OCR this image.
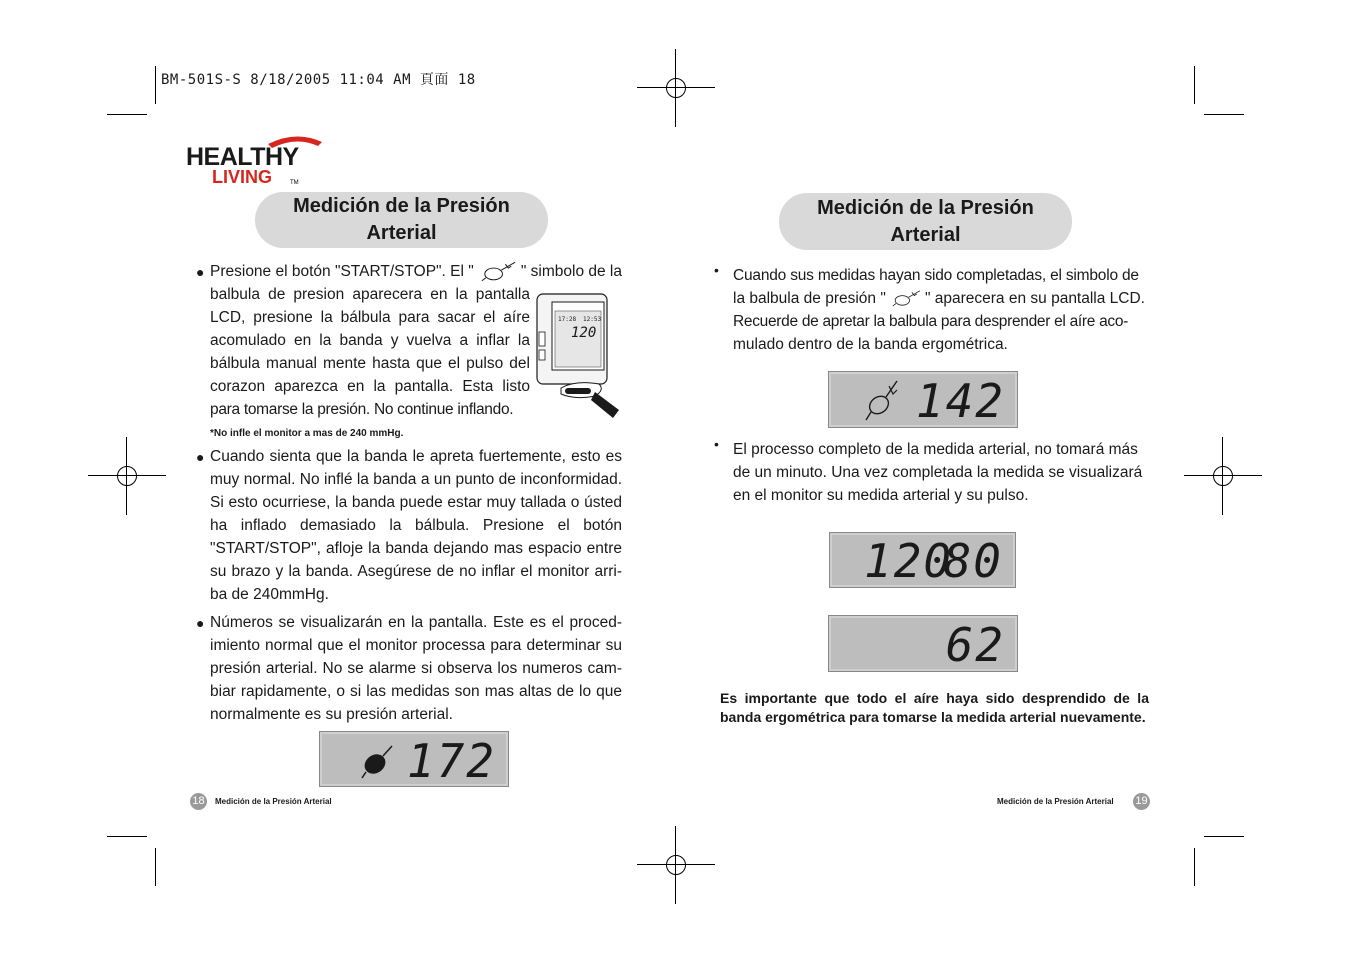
BM-501S-S 8/18/2005 11:04 AM 頁面 18
HEALTHY
LIVING	TM
Medición de la Presión
Arterial
● Presione el botón "START/STOP". El "	" simbolo de la
balbula de presion aparecera en la pantalla
LCD, presione la bálbula para sacar el aíre
acomulado en la banda y vuelva a inflar la
bálbula manual mente hasta que el pulso del
corazon aparezca en la pantalla. Esta listo
para tomarse la presión. No continue inflando.
17:28 12:53
120
*No infle el monitor a mas de 240 mmHg.
● Cuando sienta que la banda le apreta fuertemente, esto es muy normal. No inflé la banda a un punto de inconformidad. Si esto ocurriese, la banda puede estar muy tallada o ústed ha inflado demasiado la bálbula. Presione el botón "START/STOP", afloje la banda dejando mas espacio entre su brazo y la banda. Asegúrese de no inflar el monitor arri-ba de 240mmHg.
● Números se visualizarán en la pantalla. Este es el proced-imiento normal que el monitor processa para determinar su presión arterial. No se alarme si observa los numeros cam-biar rapidamente, o si las medidas son mas altas de lo que normalmente es su presión arterial.
172
18 Medición de la Presión Arterial
Medición de la Presión
Arterial
• Cuando sus medidas hayan sido completadas, el simbolo de
la balbula de presión "	" aparecera en su pantalla LCD.
Recuerde de apretar la balbula para desprender el aíre aco-
mulado dentro de la banda ergométrica.
142
• El processo completo de la medida arterial, no tomará más de un minuto. Una vez completada la medida se visualizará en el monitor su medida arterial y su pulso.
120
80
62
Es importante que todo el aíre haya sido desprendido de la banda ergométrica para tomarse la medida arterial nuevamente.
Medición de la Presión Arterial 19
